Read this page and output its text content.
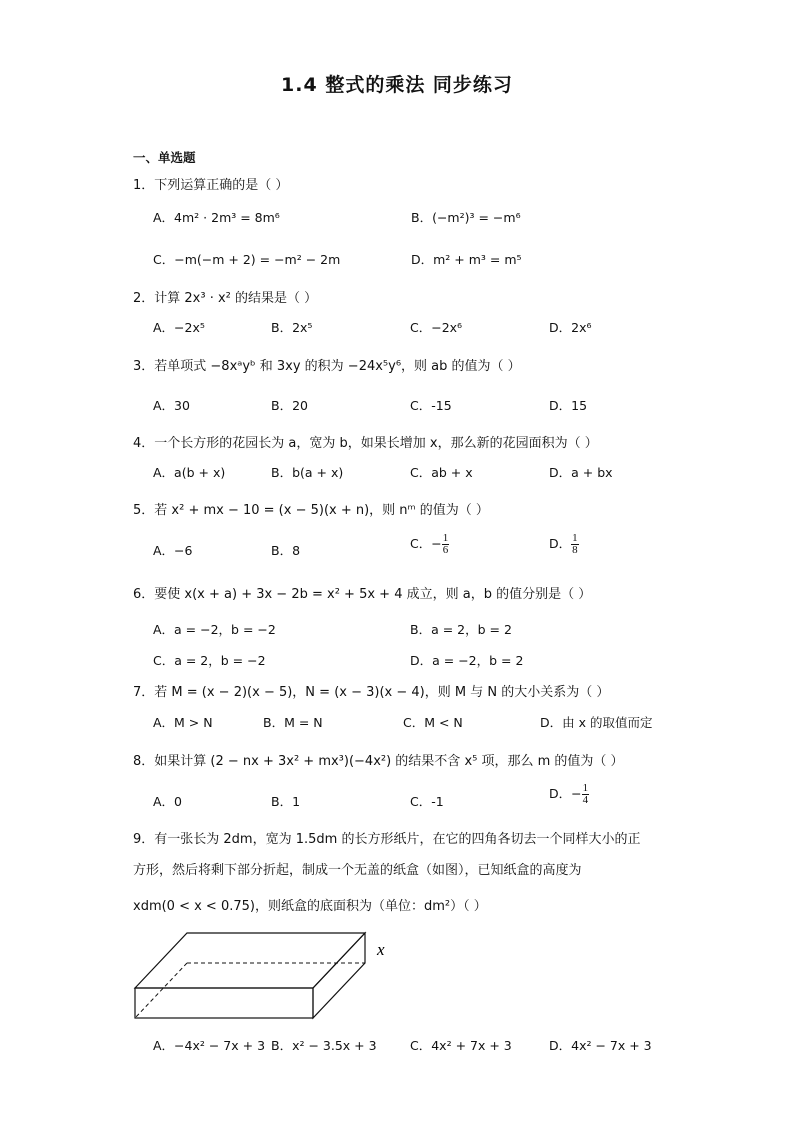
1.4 整式的乘法 同步练习
一、单选题
1．下列运算正确的是（ ）
A．4m² · 2m³ = 8m⁶	B．(−m²)³ = −m⁶
C．−m(−m + 2) = −m² − 2m	D．m² + m³ = m⁵
2．计算 2x³ · x² 的结果是（ ）
A．−2x⁵	B．2x⁵	C．−2x⁶	D．2x⁶
3．若单项式 −8xᵃyᵇ 和 3xy 的积为 −24x⁵y⁶，则 ab 的值为（ ）
A．30	B．20	C．-15	D．15
4．一个长方形的花园长为 a，宽为 b，如果长增加 x，那么新的花园面积为（ ）
A．a(b + x)	B．b(a + x)	C．ab + x	D．a + bx
5．若 x² + mx − 10 = (x − 5)(x + n)，则 nᵐ 的值为（ ）
A．−6	B．8	C．− $\frac{1}{6}$	D． $\frac{1}{8}$
6．要使 x(x + a) + 3x − 2b = x² + 5x + 4 成立，则 a，b 的值分别是（ ）
A．a = −2，b = −2	B．a = 2，b = 2
C．a = 2，b = −2	D．a = −2，b = 2
7．若 M = (x − 2)(x − 5)，N = (x − 3)(x − 4)，则 M 与 N 的大小关系为（ ）
A．M > N	B．M = N	C．M < N	D．由 x 的取值而定
8．如果计算 (2 − nx + 3x² + mx³)(−4x²) 的结果不含 x⁵ 项，那么 m 的值为（ ）
A．0	B．1	C．-1
D．− $\frac{1}{4}$
9．有一张长为 2dm，宽为 1.5dm 的长方形纸片，在它的四角各切去一个同样大小的正
方形，然后将剩下部分折起，制成一个无盖的纸盒（如图），已知纸盒的高度为
xdm(0 < x < 0.75)，则纸盒的底面积为（单位：dm²）（ ）
x
A．−4x² − 7x + 3 B．x² − 3.5x + 3	C．4x² + 7x + 3	D．4x² − 7x + 3
